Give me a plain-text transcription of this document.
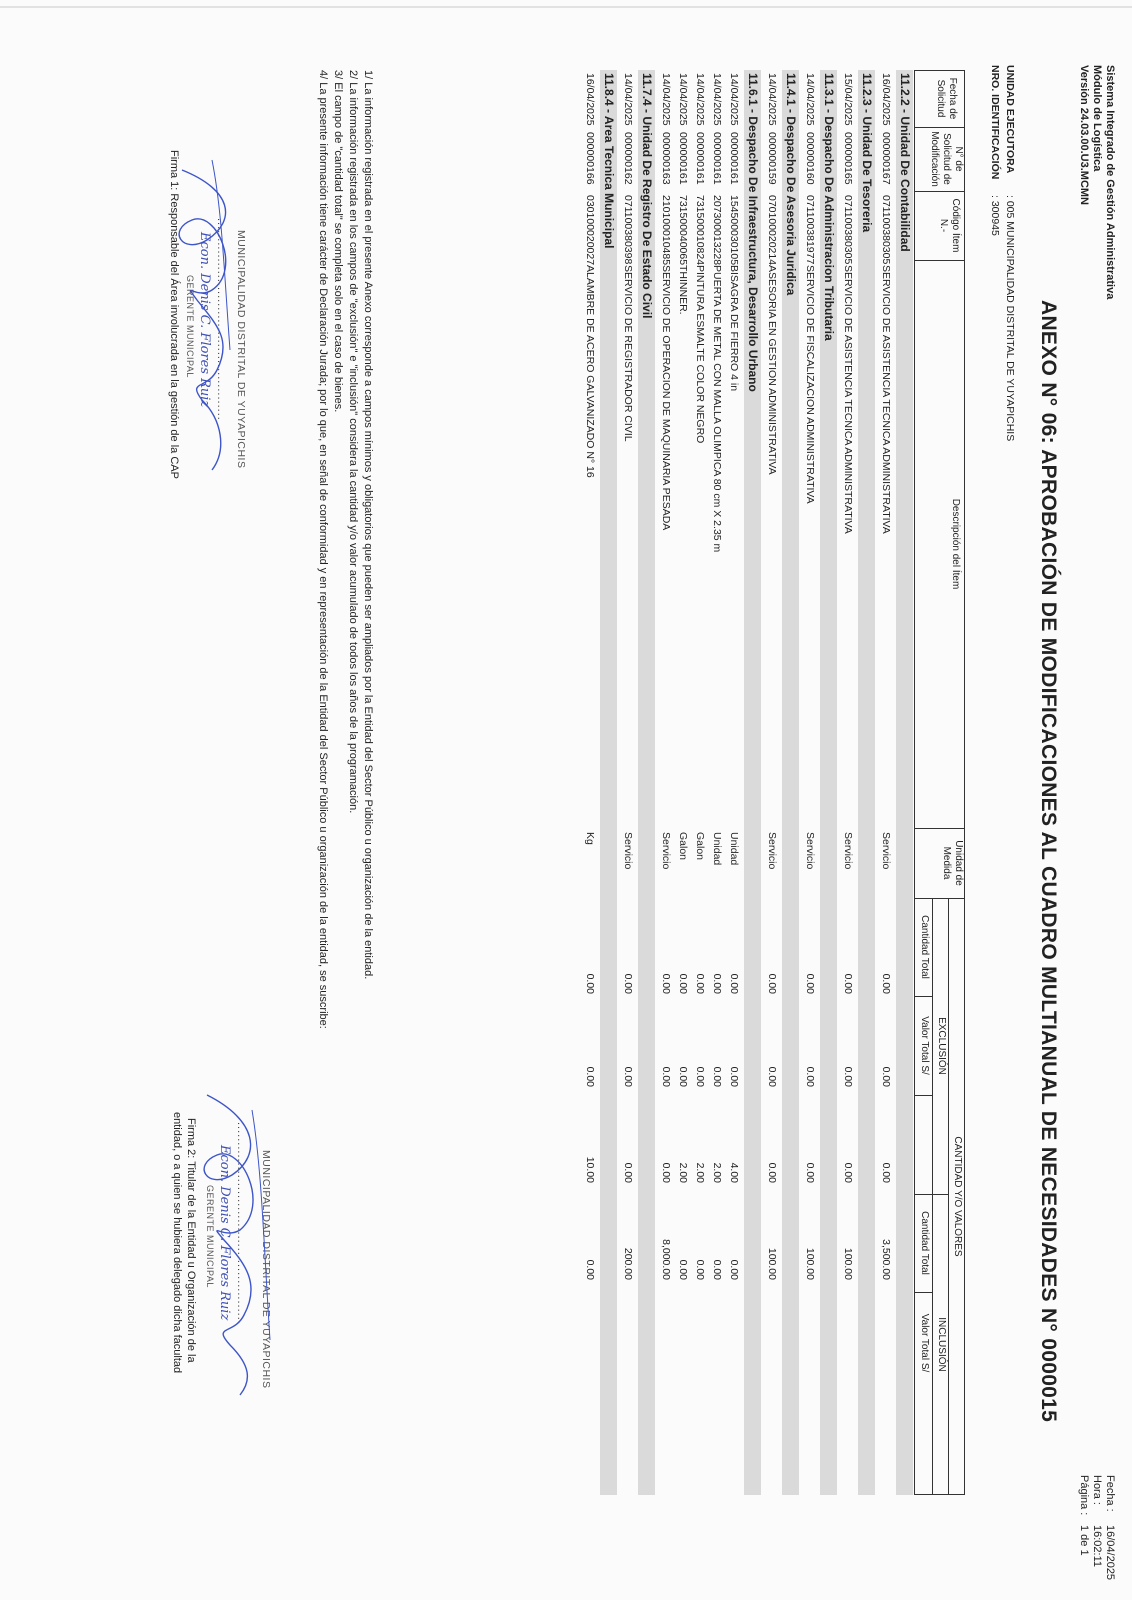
Sistema Integrado de Gestión Administrativa
Módulo de Logística
Versión 24.03.00.U3.MCMN
Fecha :
16/04/2025
Hora :
16:02:11
Página :
1 de 1
ANEXO N° 06: APROBACIÓN DE MODIFICACIONES AL CUADRO MULTIANUAL DE NECESIDADES N° 0000015
UNIDAD EJECUTORA
: 005 MUNICIPALIDAD DISTRITAL DE YUYAPICHIS
NRO. IDENTIFICACIÓN
: 300945
Fecha de Solicitud
N° de Solicitud de Modificación
Código Ítem N.-
Descripción del Ítem
Unidad de Medida
CANTIDAD Y/O VALORES
EXCLUSIÓN
INCLUSIÓN
Cantidad Total
Valor Total S/
Cantidad Total
Valor Total S/
11.2.2 - Unidad De Contabilidad
16/04/2025
000000167
071100380305
SERVICIO DE ASISTENCIA TECNICA ADMINISTRATIVA
Servicio
0.00
0.00
0.00
3,500.00
11.2.3 - Unidad De Tesoreria
15/04/2025
000000165
071100380305
SERVICIO DE ASISTENCIA TECNICA ADMINISTRATIVA
Servicio
0.00
0.00
0.00
100.00
11.3.1 - Despacho De Administracion Tributaria
14/04/2025
000000160
071100381977
SERVICIO DE FISCALIZACION ADMINISTRATIVA
Servicio
0.00
0.00
0.00
100.00
11.4.1 - Despacho De Asesoria Juridica
14/04/2025
000000159
070100020214
ASESORIA EN GESTION ADMINISTRATIVA
Servicio
0.00
0.00
0.00
100.00
11.6.1 - Despacho De Infraestructura, Desarrollo Urbano
14/04/2025
000000161
154500030105
BISAGRA DE FIERRO 4 in
Unidad
0.00
0.00
4.00
0.00
14/04/2025
000000161
207300013228
PUERTA DE METAL CON MALLA OLIMPICA 80 cm X 2.35 m
Unidad
0.00
0.00
2.00
0.00
14/04/2025
000000161
731500010824
PINTURA ESMALTE COLOR NEGRO
Galon
0.00
0.00
2.00
0.00
14/04/2025
000000161
731500040065
THINNER.
Galon
0.00
0.00
2.00
0.00
14/04/2025
000000163
210100010485
SERVICIO DE OPERACION DE MAQUINARIA PESADA
Servicio
0.00
0.00
0.00
8,000.00
11.7.4 - Unidad De Registro De Estado Civil
14/04/2025
000000162
071100380398
SERVICIO DE REGISTRADOR CIVIL
Servicio
0.00
0.00
0.00
200.00
11.8.4 - Area Tecnica Municipal
16/04/2025
000000166
030100020027
ALAMBRE DE ACERO GALVANIZADO N° 16
Kg
0.00
0.00
10.00
0.00
1/ La información registrada en el presente Anexo corresponde a campos mínimos y obligatorios que pueden ser ampliados por la Entidad del Sector Público u organización de la entidad.
2/ La información registrada en los campos de "exclusión" e "inclusión" considera la cantidad y/o valor acumulado de todos los años de la programación.
3/ El campo de "cantidad total" se completa solo en el caso de bienes.
4/ La presente información tiene carácter de Declaración Jurada; por lo que, en señal de conformidad y en representación de la Entidad del Sector Público u organización de la entidad, se suscribe:
MUNICIPALIDAD DISTRITAL DE YUYAPICHIS
..................................................
Econ. Denis C. Flores Ruiz
GERENTE MUNICIPAL
Firma 1: Responsable del Área involucrada en la gestión de la CAP
MUNICIPALIDAD DISTRITAL DE YUYAPICHIS
..................................................
Econ. Denis C. Flores Ruiz
GERENTE MUNICIPAL
Firma 2: Titular de la Entidad u Organización de la
entidad, o a quien se hubiera delegado dicha facultad
